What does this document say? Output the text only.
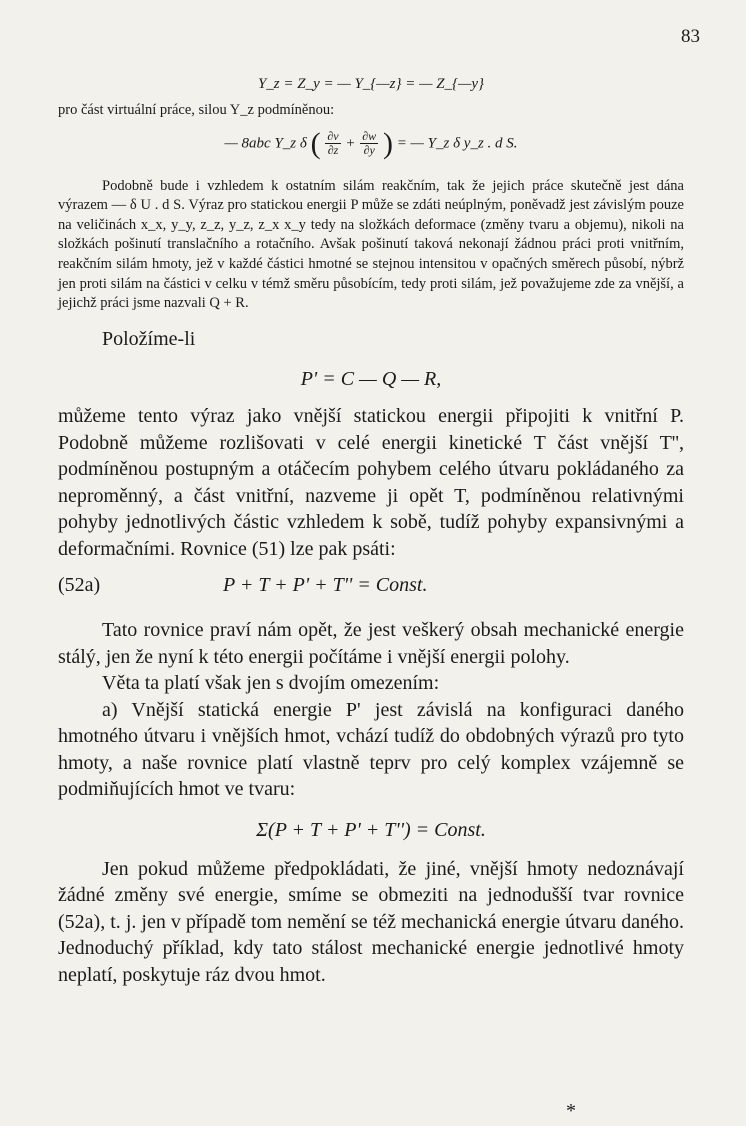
83
Y_z = Z_y = — Y_{—z} = — Z_{—y}

pro část virtuální práce, silou Y_z podmíněnou:

— 8abc Y_z δ ( $\frac{\partial v}{\partial z} + \frac{\partial w}{\partial y}$ ) = — Y_z δ y_z . d S.

Podobně bude i vzhledem k ostatním silám reakčním, tak že jejich práce skutečně jest dána výrazem — δ U . d S. Výraz pro statickou energii P může se zdáti neúplným, poněvadž jest závislým pouze na veličinách x_x, y_y, z_z, y_z, z_x x_y tedy na složkách deformace (změny tvaru a objemu), nikoli na složkách pošinutí translačního a rotačního. Avšak pošinutí taková nekonají žádnou práci proti vnitřním, reakčním silám hmoty, jež v každé částici hmotné se stejnou intensitou v opačných směrech působí, nýbrž jen proti silám na částici v celku v témž směru působícím, tedy proti silám, jež považujeme zde za vnější, a jejichž práci jsme nazvali Q + R.

Položíme-li

P' = C — Q — R,

můžeme tento výraz jako vnější statickou energii připojiti k vnitřní P. Podobně můžeme rozlišovati v celé energii kinetické T část vnější T'', podmíněnou postupným a otáčecím pohybem celého útvaru pokládaného za neproměnný, a část vnitřní, nazveme ji opět T, podmíněnou relativnými pohyby jednotlivých částic vzhledem k sobě, tudíž pohyby expansivnými a deformačními. Rovnice (51) lze pak psáti:

(52a)	P + T + P' + T'' = Const.

Tato rovnice praví nám opět, že jest veškerý obsah mechanické energie stálý, jen že nyní k této energii počítáme i vnější energii polohy.

Věta ta platí však jen s dvojím omezením:

a) Vnější statická energie P' jest závislá na konfiguraci daného hmotného útvaru i vnějších hmot, vchází tudíž do obdobných výrazů pro tyto hmoty, a naše rovnice platí vlastně teprv pro celý komplex vzájemně se podmiňujících hmot ve tvaru:

Σ(P + T + P' + T'') = Const.

Jen pokud můžeme předpokládati, že jiné, vnější hmoty nedoznávají žádné změny své energie, smíme se obmeziti na jednodušší tvar rovnice (52a), t. j. jen v případě tom nemění se též mechanická energie útvaru daného. Jednoduchý příklad, kdy tato stálost mechanické energie jednotlivé hmoty neplatí, poskytuje ráz dvou hmot.

*
